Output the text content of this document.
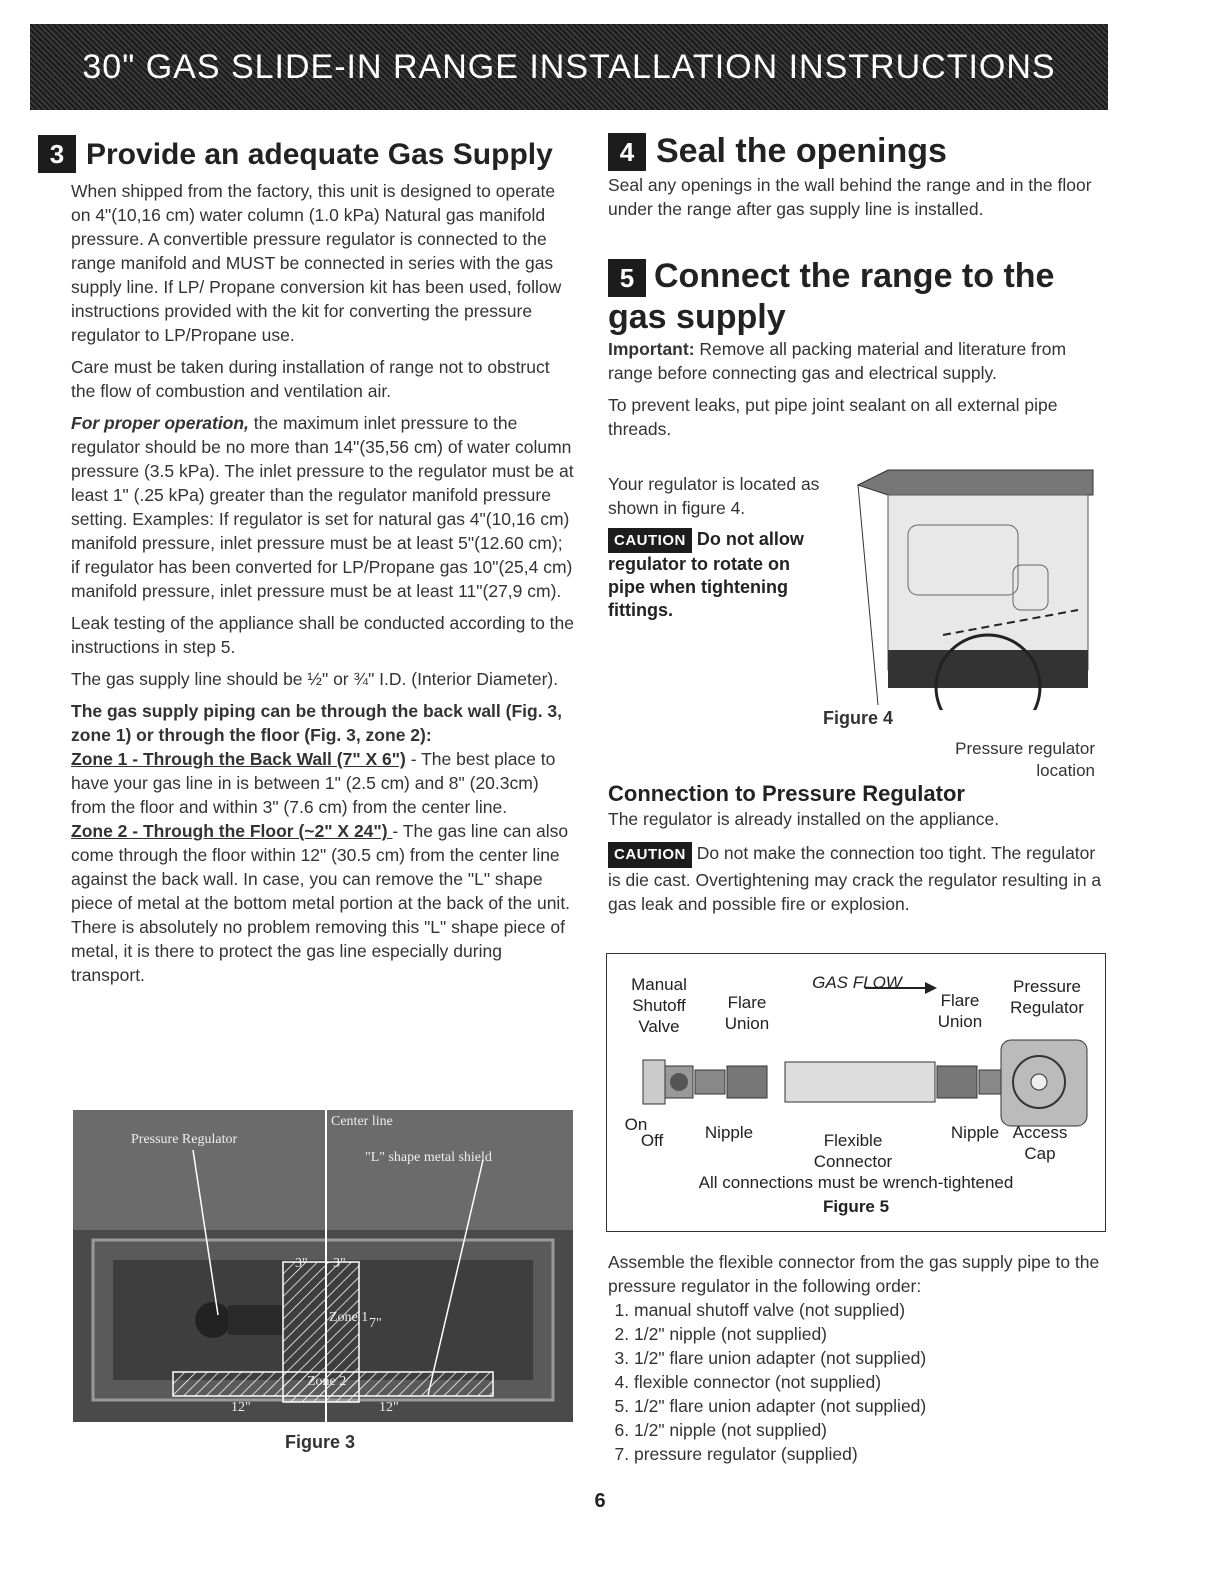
30" GAS SLIDE-IN RANGE INSTALLATION INSTRUCTIONS
3 Provide an adequate Gas Supply

When shipped from the factory, this unit is designed to operate on 4"(10,16 cm) water column (1.0 kPa) Natural gas manifold pressure. A convertible pressure regulator is connected to the range manifold and MUST be connected in series with the gas supply line. If LP/ Propane conversion kit has been used, follow instructions provided with the kit for converting the pressure regulator to LP/Propane use.

Care must be taken during installation of range not to obstruct the flow of combustion and ventilation air.

For proper operation, the maximum inlet pressure to the regulator should be no more than 14"(35,56 cm) of water column pressure (3.5 kPa). The inlet pressure to the regulator must be at least 1" (.25 kPa) greater than the regulator manifold pressure setting. Examples: If regulator is set for natural gas 4"(10,16 cm) manifold pressure, inlet pressure must be at least 5"(12.60 cm); if regulator has been converted for LP/Propane gas 10"(25,4 cm) manifold pressure, inlet pressure must be at least 11"(27,9 cm).

Leak testing of the appliance shall be conducted according to the instructions in step 5.

The gas supply line should be ½" or ¾" I.D. (Interior Diameter).

The gas supply piping can be through the back wall (Fig. 3, zone 1) or through the floor (Fig. 3, zone 2):

Zone 1 - Through the Back Wall (7" X 6") - The best place to have your gas line in is between 1" (2.5 cm) and 8" (20.3cm) from the floor and within 3" (7.6 cm) from the center line.

Zone 2 - Through the Floor (~2" X 24") - The gas line can also come through the floor within 12" (30.5 cm) from the center line against the back wall. In case, you can remove the "L" shape piece of metal at the bottom metal portion at the back of the unit. There is absolutely no problem removing this "L" shape piece of metal, it is there to protect the gas line especially during transport.

Pressure Regulator
Center line
"L" shape metal shield
3" 3"
7"
Zone 1
Zone 2
12"	12"
Figure 3
4 Seal the openings

Seal any openings in the wall behind the range and in the floor under the range after gas supply line is installed.

5 Connect the range to the gas supply

Important: Remove all packing material and literature from range before connecting gas and electrical supply.

To prevent leaks, put pipe joint sealant on all external pipe threads.

Your regulator is located as shown in figure 4.

CAUTION Do not allow regulator to rotate on pipe when tightening fittings.
Figure 4
Pressure regulator location
Connection to Pressure Regulator

The regulator is already installed on the appliance.

CAUTION Do not make the connection too tight. The regulator is die cast. Overtightening may crack the regulator resulting in a gas leak and possible fire or explosion.

Manual Shutoff Valve
Flare Union
GAS FLOW
Flare Union
Pressure Regulator
On
Off	Nipple	Flexible Connector
Nipple Access Cap
All connections must be wrench-tightened
Figure 5

Assemble the flexible connector from the gas supply pipe to the pressure regulator in the following order:

1. manual shutoff valve (not supplied)
2. 1/2" nipple (not supplied)
3. 1/2" flare union adapter (not supplied)
4. flexible connector (not supplied)
5. 1/2" flare union adapter (not supplied)
6. 1/2" nipple (not supplied)
7. pressure regulator (supplied)
6
